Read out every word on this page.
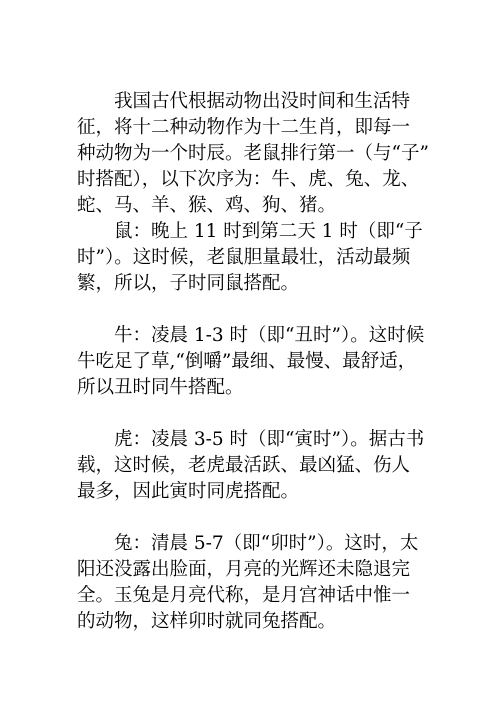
　　我国古代根据动物出没时间和生活特
征，将十二种动物作为十二生肖，即每一
种动物为一个时辰。老鼠排行第一（与“子”
时搭配），以下次序为：牛、虎、兔、龙、
蛇、马、羊、猴、鸡、狗、猪。

　　鼠：晚上 11 时到第二天 1 时（即“子
时”）。这时候，老鼠胆量最壮，活动最频
繁，所以，子时同鼠搭配。

　　牛：凌晨 1-3 时（即“丑时”）。这时候
牛吃足了草,“倒嚼”最细、最慢、最舒适，
所以丑时同牛搭配。

　　虎：凌晨 3-5 时（即“寅时”）。据古书
载，这时候，老虎最活跃、最凶猛、伤人
最多，因此寅时同虎搭配。

　　兔：清晨 5-7（即“卯时”）。这时，太
阳还没露出脸面，月亮的光辉还未隐退完
全。玉兔是月亮代称，是月宫神话中惟一
的动物，这样卯时就同兔搭配。
